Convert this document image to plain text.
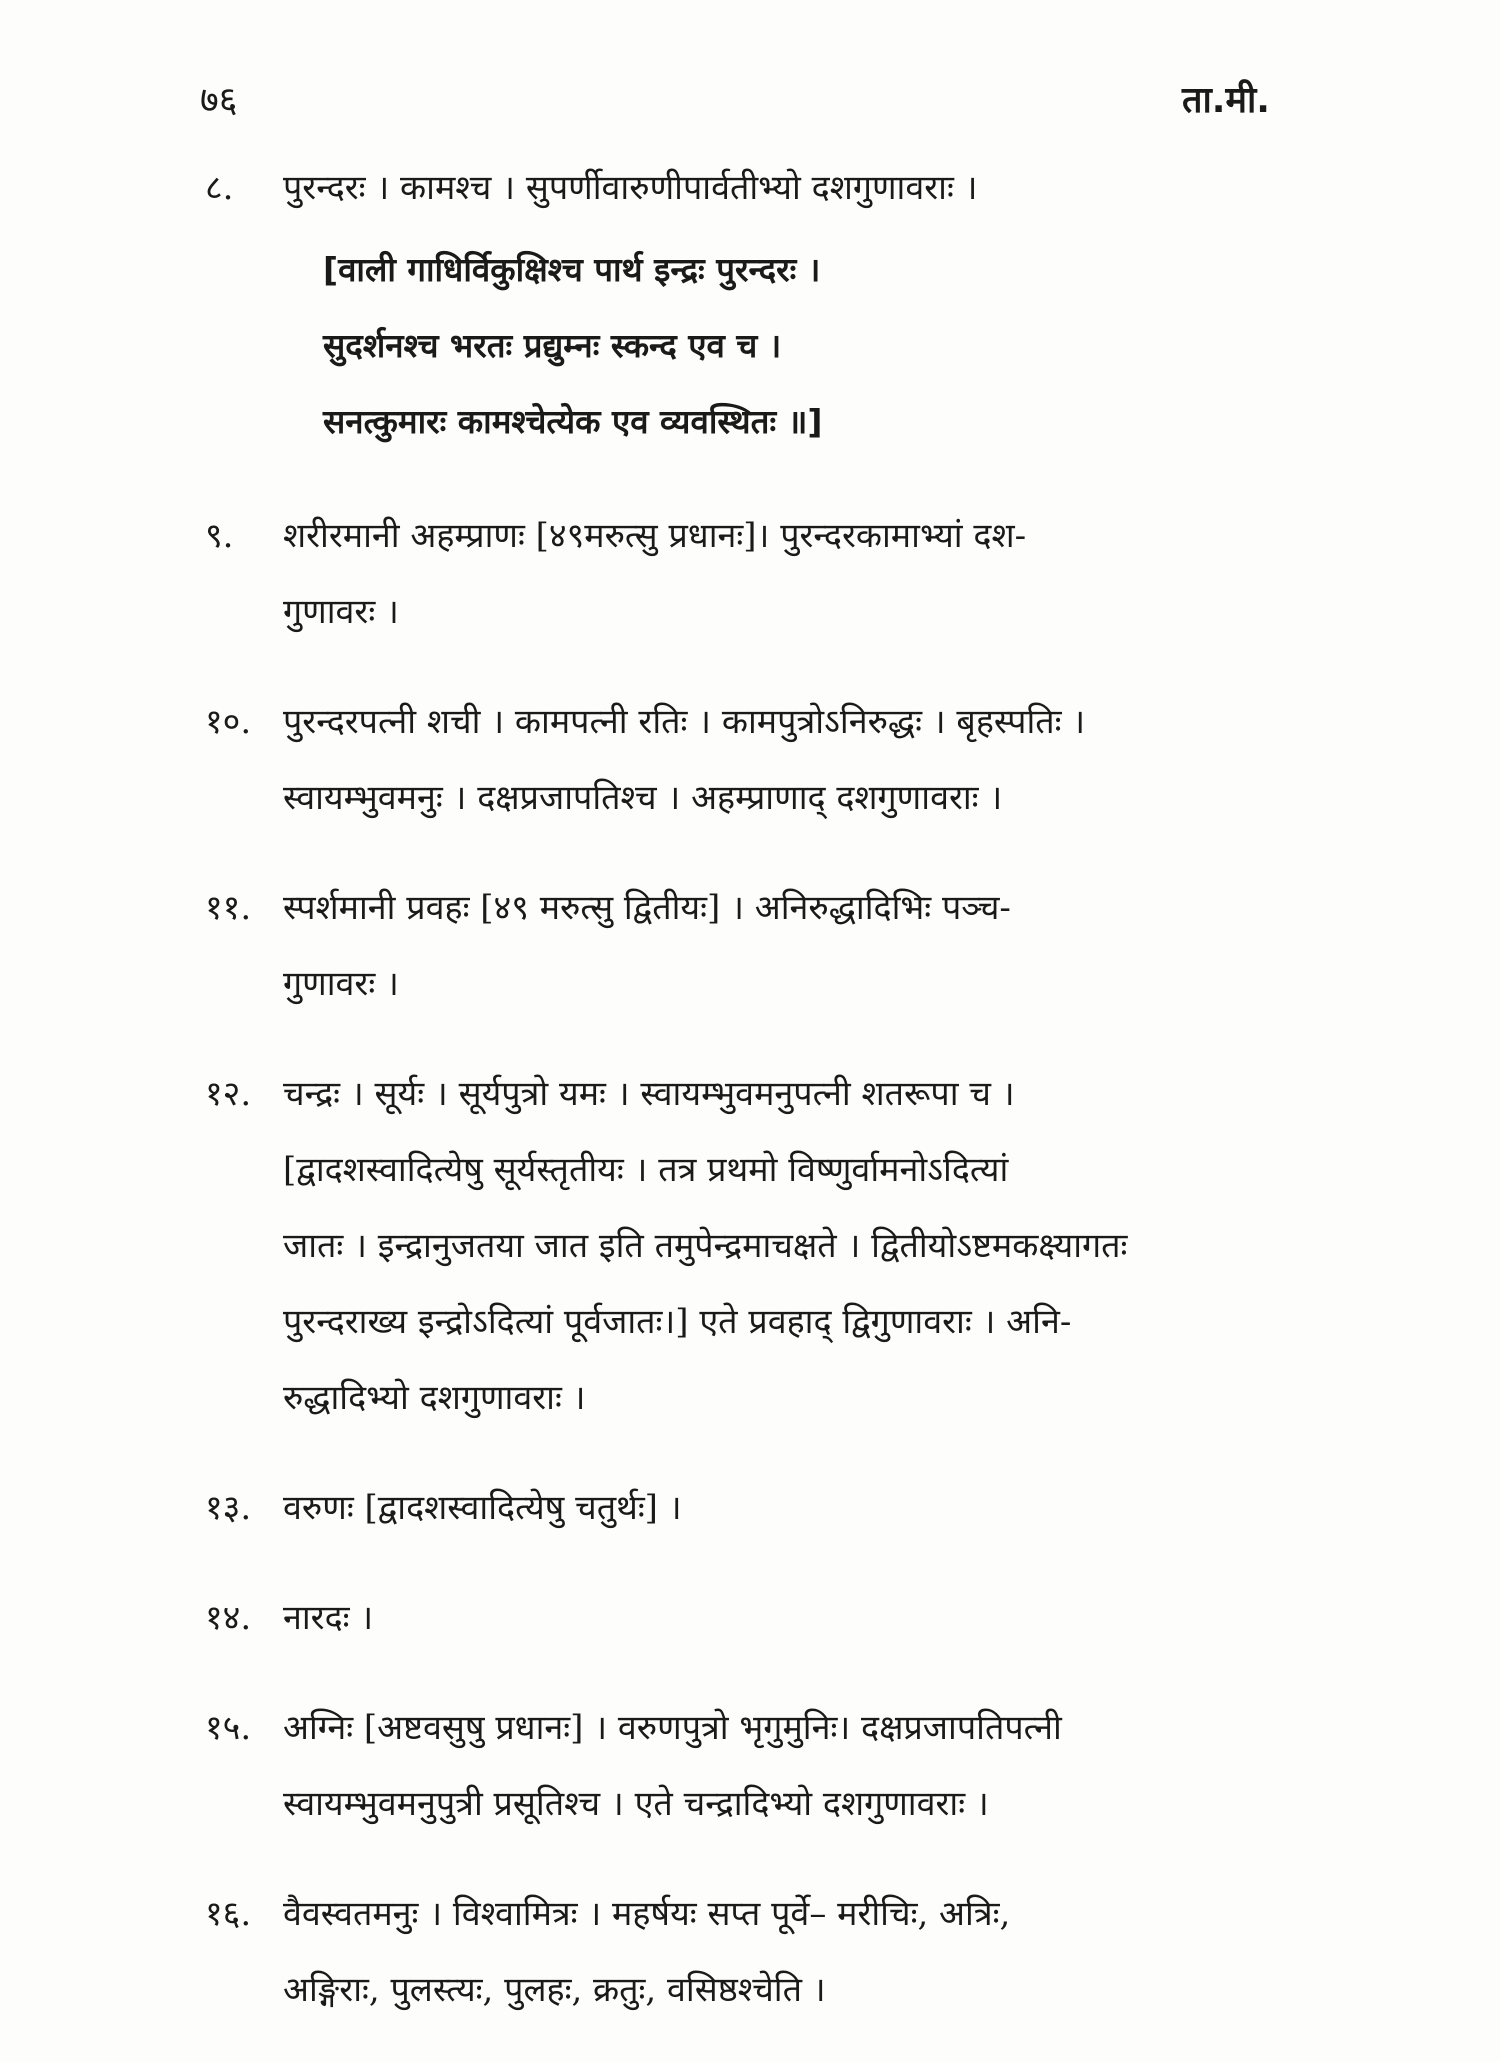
७६	ता.मी.
८.	पुरन्दरः । कामश्च । सुपर्णीवारुणीपार्वतीभ्यो दशगुणावराः ।

[वाली गाधिर्विकुक्षिश्च पार्थ इन्द्रः पुरन्दरः ।

सुदर्शनश्च भरतः प्रद्युम्नः स्कन्द एव च ।

सनत्कुमारः कामश्चेत्येक एव व्यवस्थितः ॥]

९.	शरीरमानी अहम्प्राणः [४९मरुत्सु प्रधानः]। पुरन्दरकामाभ्यां दश-

गुणावरः ।

१०. पुरन्दरपत्नी शची । कामपत्नी रतिः । कामपुत्रोऽनिरुद्धः । बृहस्पतिः ।

स्वायम्भुवमनुः । दक्षप्रजापतिश्च । अहम्प्राणाद् दशगुणावराः ।

११. स्पर्शमानी प्रवहः [४९ मरुत्सु द्वितीयः] । अनिरुद्धादिभिः पञ्च-

गुणावरः ।

१२. चन्द्रः । सूर्यः । सूर्यपुत्रो यमः । स्वायम्भुवमनुपत्नी शतरूपा च ।

[द्वादशस्वादित्येषु सूर्यस्तृतीयः । तत्र प्रथमो विष्णुर्वामनोऽदित्यां

जातः । इन्द्रानुजतया जात इति तमुपेन्द्रमाचक्षते । द्वितीयोऽष्टमकक्ष्यागतः

पुरन्दराख्य इन्द्रोऽदित्यां पूर्वजातः।] एते प्रवहाद् द्विगुणावराः । अनि-

रुद्धादिभ्यो दशगुणावराः ।

१३. वरुणः [द्वादशस्वादित्येषु चतुर्थः] ।

१४. नारदः ।

१५. अग्निः [अष्टवसुषु प्रधानः] । वरुणपुत्रो भृगुमुनिः। दक्षप्रजापतिपत्नी

स्वायम्भुवमनुपुत्री प्रसूतिश्च । एते चन्द्रादिभ्यो दशगुणावराः ।

१६. वैवस्वतमनुः । विश्वामित्रः । महर्षयः सप्त पूर्वे– मरीचिः, अत्रिः,

अङ्गिराः, पुलस्त्यः, पुलहः, क्रतुः, वसिष्ठश्चेति ।
